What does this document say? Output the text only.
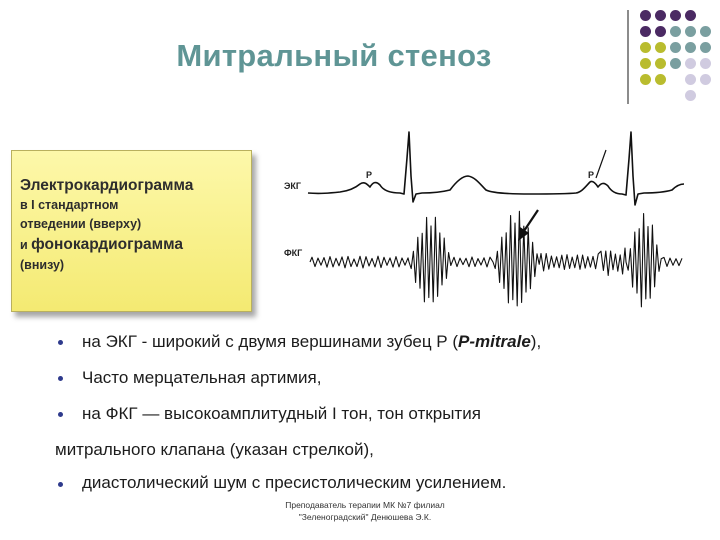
Митральный стеноз
Электрокардиограмма
в I стандартном
отведении (вверху)
и фонокардиограмма
(внизу)
ЭКГ
ФКГ
P	P
на ЭКГ - широкий с двумя вершинами зубец Р (P-mitrale),
Часто мерцательная артимия,
на ФКГ — высокоамплитудный I тон, тон открытия
митрального клапана (указан стрелкой),
диастолический шум с пресистолическим усилением.
Преподаватель терапии МК №7 филиал
"Зеленоградский" Денюшева Э.К.
